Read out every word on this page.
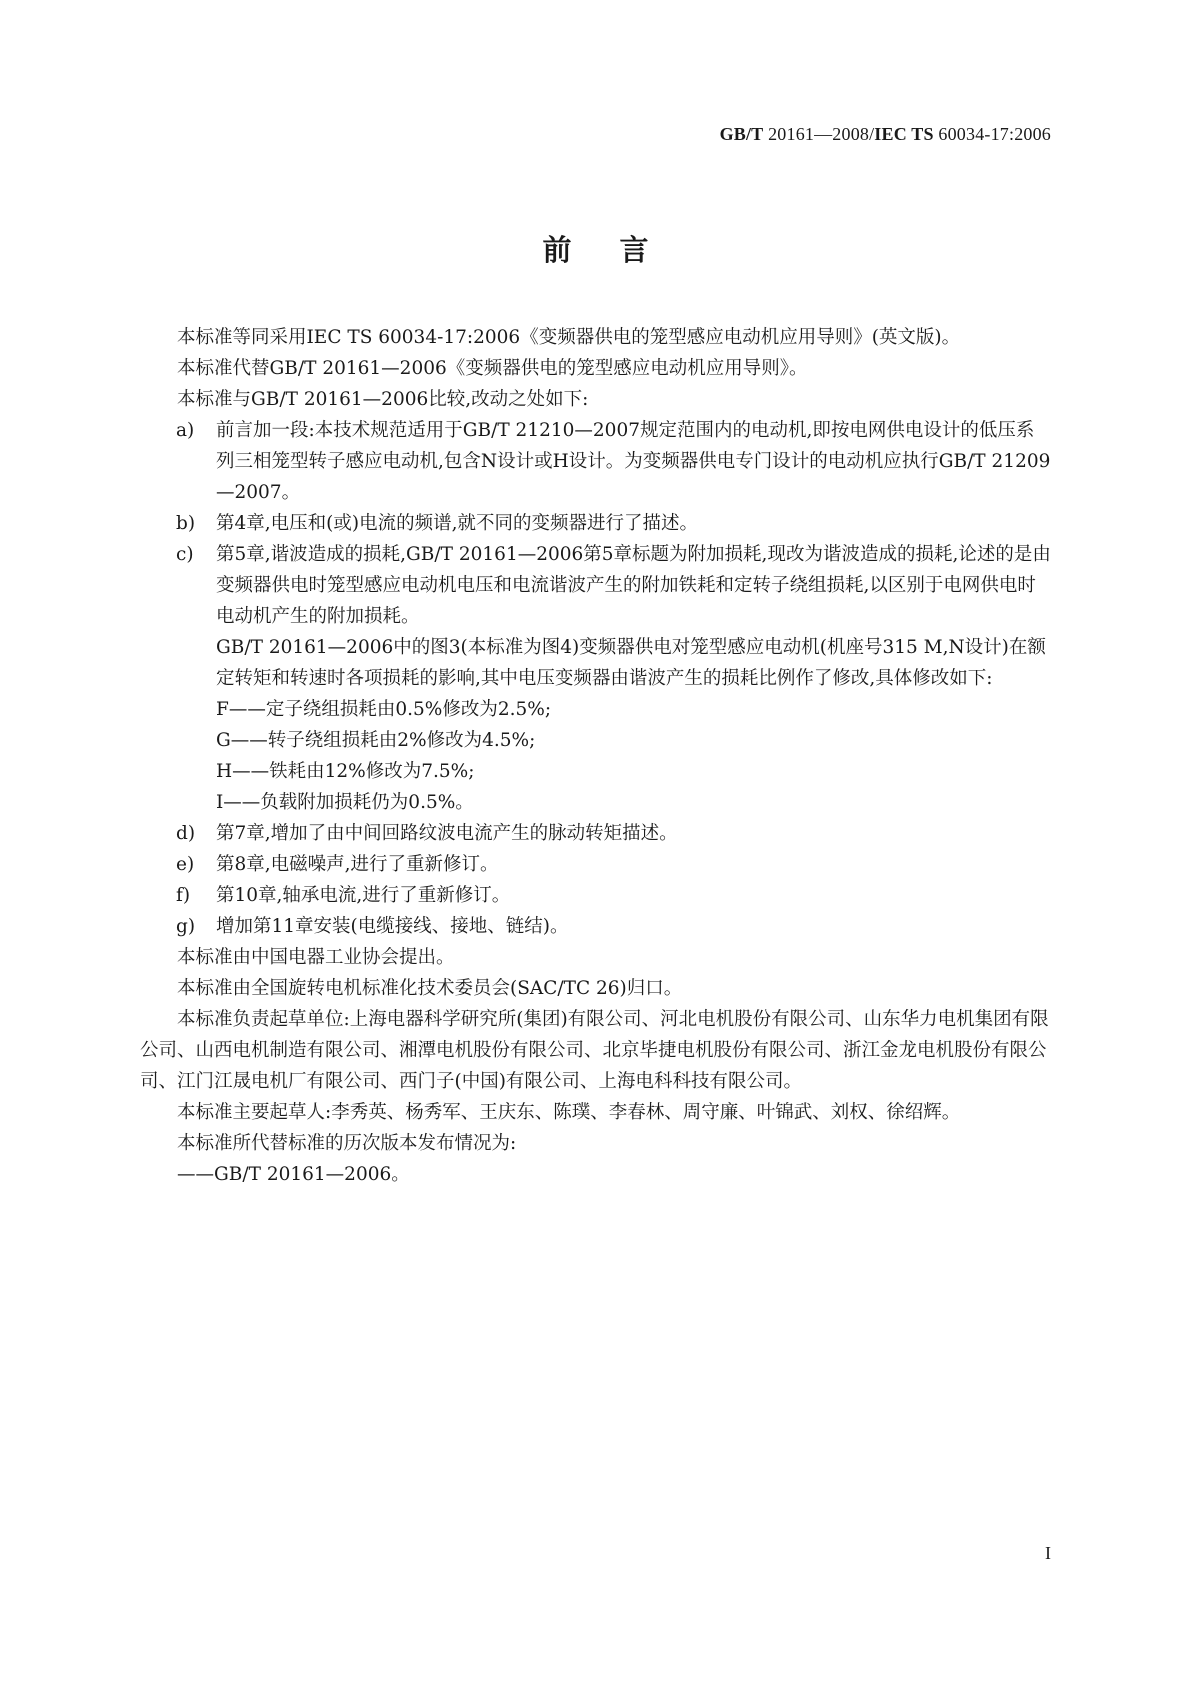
GB/T 20161—2008/IEC TS 60034-17:2006
前言

本标准等同采用IEC TS 60034-17:2006《变频器供电的笼型感应电动机应用导则》(英文版)。

本标准代替GB/T 20161—2006《变频器供电的笼型感应电动机应用导则》。

本标准与GB/T 20161—2006比较,改动之处如下:

a) 前言加一段:本技术规范适用于GB/T 21210—2007规定范围内的电动机,即按电网供电设计的低压系列三相笼型转子感应电动机,包含N设计或H设计。为变频器供电专门设计的电动机应执行GB/T 21209—2007。
b) 第4章,电压和(或)电流的频谱,就不同的变频器进行了描述。
c) 第5章,谐波造成的损耗,GB/T 20161—2006第5章标题为附加损耗,现改为谐波造成的损耗,论述的是由变频器供电时笼型感应电动机电压和电流谐波产生的附加铁耗和定转子绕组损耗,以区别于电网供电时电动机产生的附加损耗。

GB/T 20161—2006中的图3(本标准为图4)变频器供电对笼型感应电动机(机座号315 M,N设计)在额定转矩和转速时各项损耗的影响,其中电压变频器由谐波产生的损耗比例作了修改,具体修改如下:

F——定子绕组损耗由0.5%修改为2.5%;

G——转子绕组损耗由2%修改为4.5%;

H——铁耗由12%修改为7.5%;

I——负载附加损耗仍为0.5%。

d) 第7章,增加了由中间回路纹波电流产生的脉动转矩描述。
e) 第8章,电磁噪声,进行了重新修订。
f) 第10章,轴承电流,进行了重新修订。
g) 增加第11章安装(电缆接线、接地、链结)。

本标准由中国电器工业协会提出。

本标准由全国旋转电机标准化技术委员会(SAC/TC 26)归口。

本标准负责起草单位:上海电器科学研究所(集团)有限公司、河北电机股份有限公司、山东华力电机集团有限公司、山西电机制造有限公司、湘潭电机股份有限公司、北京毕捷电机股份有限公司、浙江金龙电机股份有限公司、江门江晟电机厂有限公司、西门子(中国)有限公司、上海电科科技有限公司。

本标准主要起草人:李秀英、杨秀军、王庆东、陈璞、李春林、周守廉、叶锦武、刘权、徐绍辉。

本标准所代替标准的历次版本发布情况为:

——GB/T 20161—2006。

I
